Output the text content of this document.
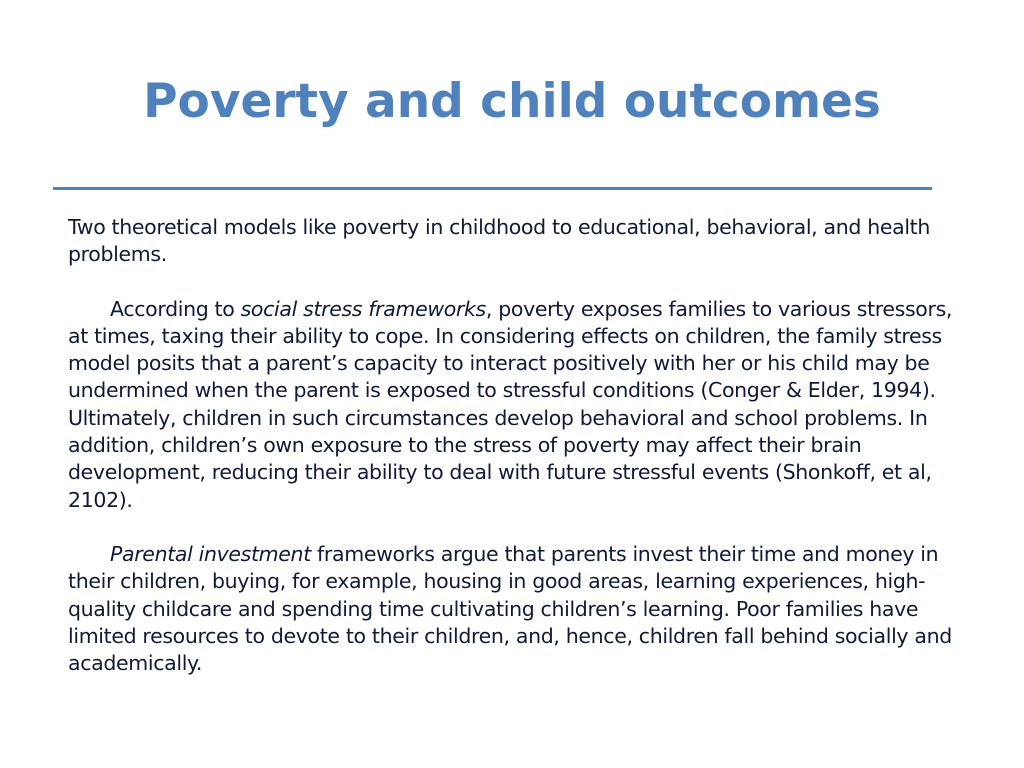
Poverty and child outcomes

Two theoretical models like poverty in childhood to educational, behavioral, and health problems.

According to social stress frameworks, poverty exposes families to various stressors, at times, taxing their ability to cope. In considering effects on children, the family stress model posits that a parent’s capacity to interact positively with her or his child may be undermined when the parent is exposed to stressful conditions (Conger & Elder, 1994). Ultimately, children in such circumstances develop behavioral and school problems. In addition, children’s own exposure to the stress of poverty may affect their brain development, reducing their ability to deal with future stressful events (Shonkoff, et al, 2102).

Parental investment frameworks argue that parents invest their time and money in their children, buying, for example, housing in good areas, learning experiences, high-quality childcare and spending time cultivating children’s learning. Poor families have limited resources to devote to their children, and, hence, children fall behind socially and academically.
